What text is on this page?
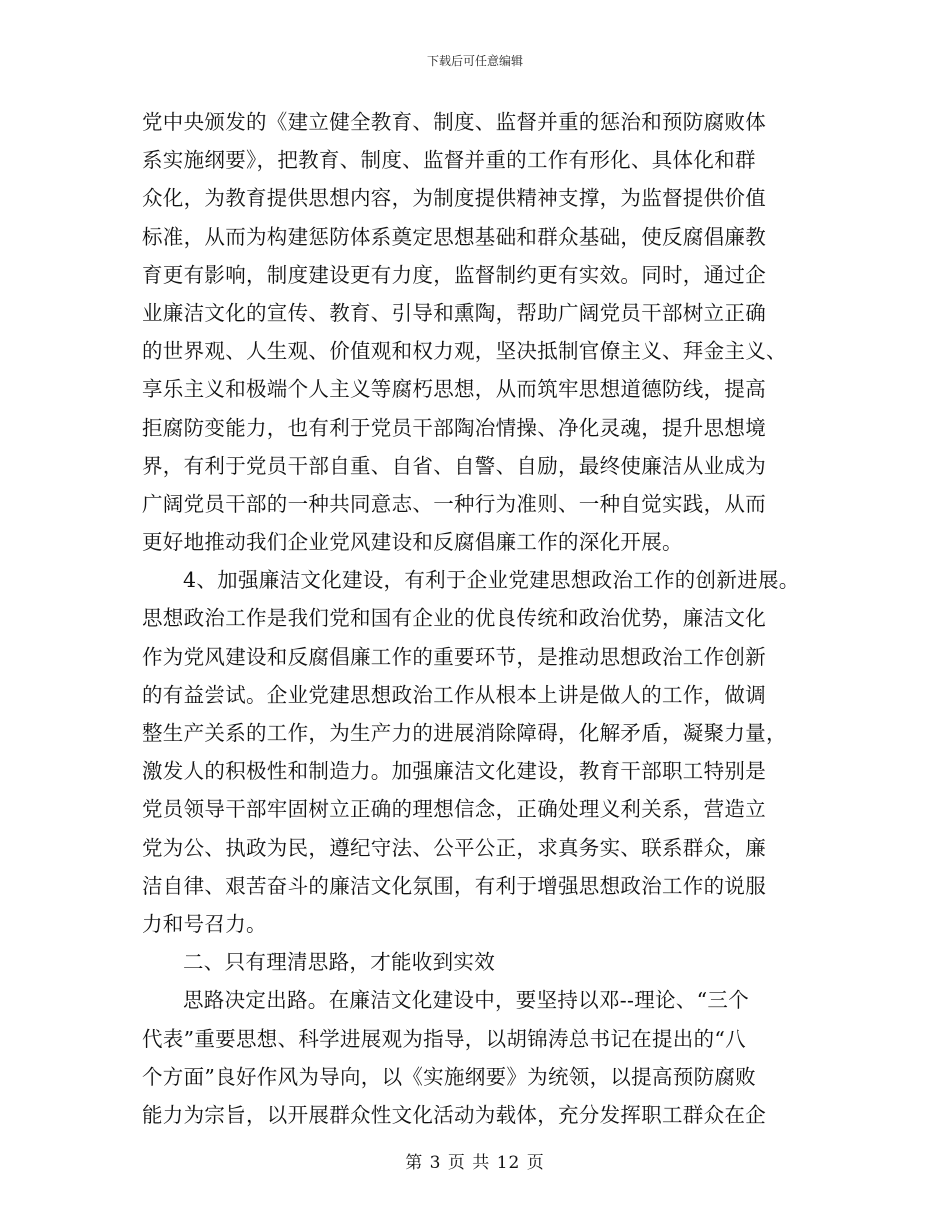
下载后可任意编辑
党中央颁发的《建立健全教育、制度、监督并重的惩治和预防腐败体
系实施纲要》，把教育、制度、监督并重的工作有形化、具体化和群
众化，为教育提供思想内容，为制度提供精神支撑，为监督提供价值
标准，从而为构建惩防体系奠定思想基础和群众基础，使反腐倡廉教
育更有影响，制度建设更有力度，监督制约更有实效。同时，通过企
业廉洁文化的宣传、教育、引导和熏陶，帮助广阔党员干部树立正确
的世界观、人生观、价值观和权力观，坚决抵制官僚主义、拜金主义、
享乐主义和极端个人主义等腐朽思想，从而筑牢思想道德防线，提高
拒腐防变能力，也有利于党员干部陶冶情操、净化灵魂，提升思想境
界，有利于党员干部自重、自省、自警、自励，最终使廉洁从业成为
广阔党员干部的一种共同意志、一种行为准则、一种自觉实践，从而
更好地推动我们企业党风建设和反腐倡廉工作的深化开展。
4、加强廉洁文化建设，有利于企业党建思想政治工作的创新进展。
思想政治工作是我们党和国有企业的优良传统和政治优势，廉洁文化
作为党风建设和反腐倡廉工作的重要环节，是推动思想政治工作创新
的有益尝试。企业党建思想政治工作从根本上讲是做人的工作，做调
整生产关系的工作，为生产力的进展消除障碍，化解矛盾，凝聚力量，
激发人的积极性和制造力。加强廉洁文化建设，教育干部职工特别是
党员领导干部牢固树立正确的理想信念，正确处理义利关系，营造立
党为公、执政为民，遵纪守法、公平公正，求真务实、联系群众，廉
洁自律、艰苦奋斗的廉洁文化氛围，有利于增强思想政治工作的说服
力和号召力。
二、只有理清思路，才能收到实效
思路决定出路。在廉洁文化建设中，要坚持以邓--理论、“三个
代表”重要思想、科学进展观为指导，以胡锦涛总书记在提出的“八
个方面”良好作风为导向，以《实施纲要》为统领，以提高预防腐败
能力为宗旨，以开展群众性文化活动为载体，充分发挥职工群众在企
第 3 页 共 12 页
